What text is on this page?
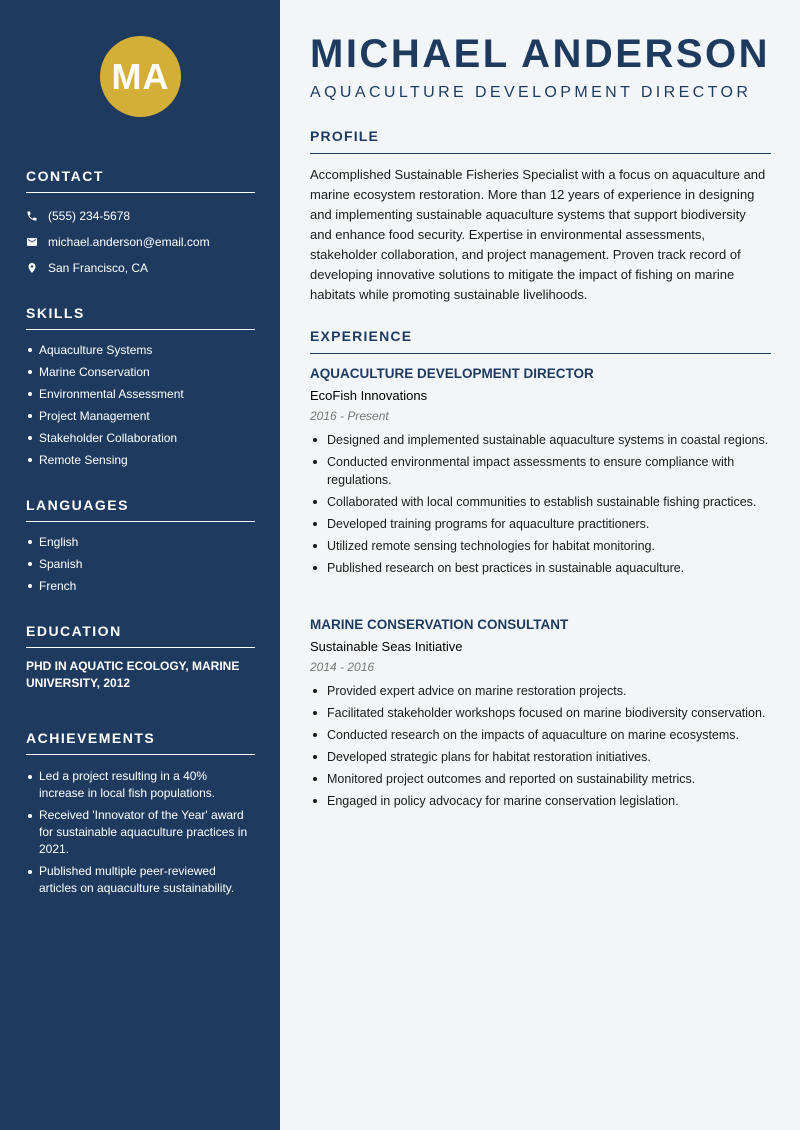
MA
CONTACT
(555) 234-5678
michael.anderson@email.com
San Francisco, CA
SKILLS
Aquaculture Systems
Marine Conservation
Environmental Assessment
Project Management
Stakeholder Collaboration
Remote Sensing
LANGUAGES
English
Spanish
French
EDUCATION
PHD IN AQUATIC ECOLOGY, MARINE UNIVERSITY, 2012
ACHIEVEMENTS
Led a project resulting in a 40% increase in local fish populations.
Received 'Innovator of the Year' award for sustainable aquaculture practices in 2021.
Published multiple peer-reviewed articles on aquaculture sustainability.
MICHAEL ANDERSON
AQUACULTURE DEVELOPMENT DIRECTOR
PROFILE

Accomplished Sustainable Fisheries Specialist with a focus on aquaculture and marine ecosystem restoration. More than 12 years of experience in designing and implementing sustainable aquaculture systems that support biodiversity and enhance food security. Expertise in environmental assessments, stakeholder collaboration, and project management. Proven track record of developing innovative solutions to mitigate the impact of fishing on marine habitats while promoting sustainable livelihoods.

EXPERIENCE
AQUACULTURE DEVELOPMENT DIRECTOR
EcoFish Innovations
2016 - Present
Designed and implemented sustainable aquaculture systems in coastal regions.
Conducted environmental impact assessments to ensure compliance with regulations.
Collaborated with local communities to establish sustainable fishing practices.
Developed training programs for aquaculture practitioners.
Utilized remote sensing technologies for habitat monitoring.
Published research on best practices in sustainable aquaculture.
MARINE CONSERVATION CONSULTANT
Sustainable Seas Initiative
2014 - 2016
Provided expert advice on marine restoration projects.
Facilitated stakeholder workshops focused on marine biodiversity conservation.
Conducted research on the impacts of aquaculture on marine ecosystems.
Developed strategic plans for habitat restoration initiatives.
Monitored project outcomes and reported on sustainability metrics.
Engaged in policy advocacy for marine conservation legislation.
